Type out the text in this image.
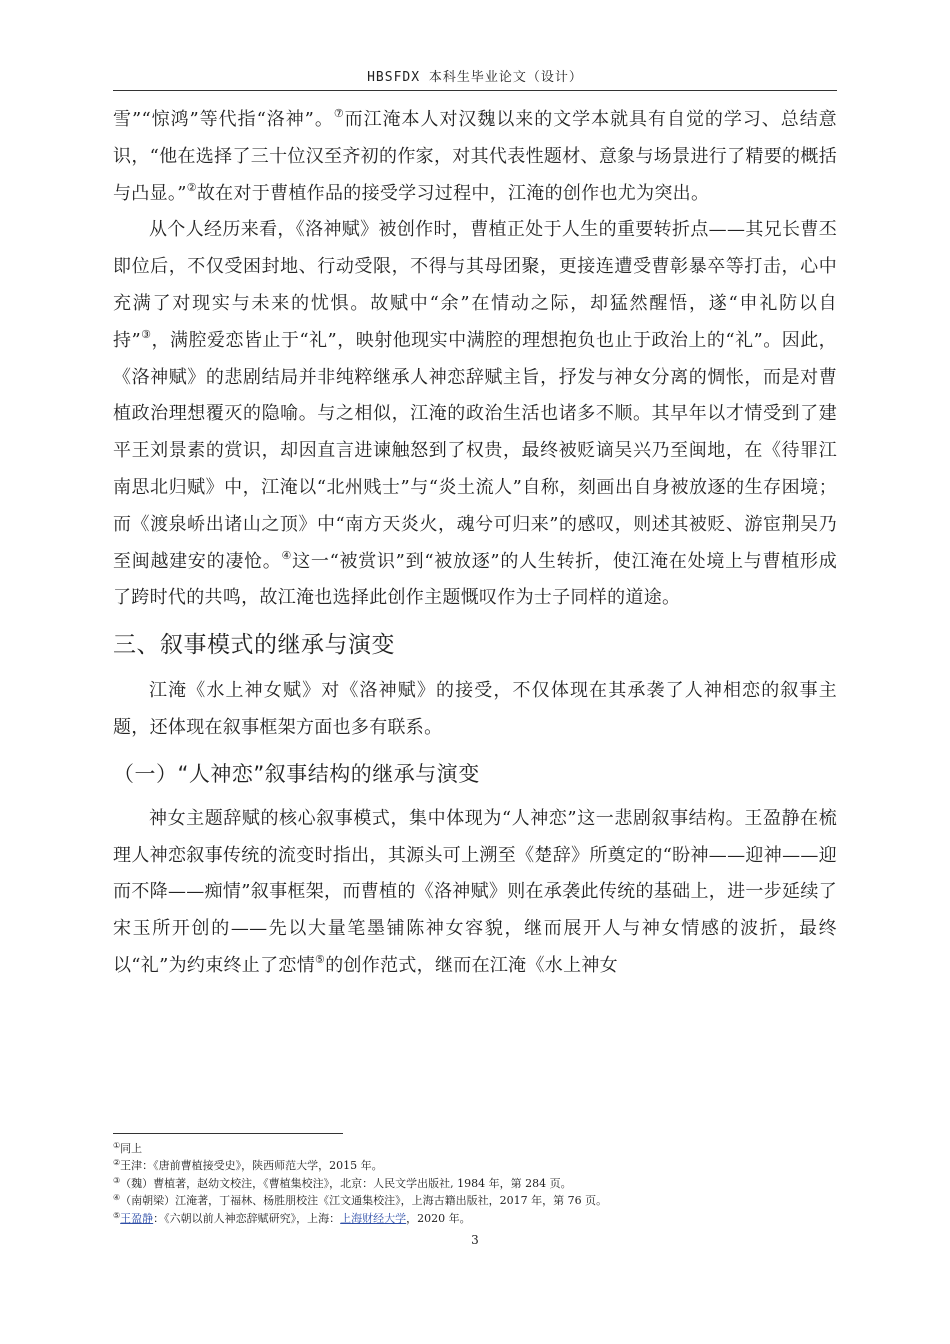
HBSFDX 本科生毕业论文（设计）

雪”“惊鸿”等代指“洛神”。⑦而江淹本人对汉魏以来的文学本就具有自觉的学习、总结意识，“他在选择了三十位汉至齐初的作家，对其代表性题材、意象与场景进行了精要的概括与凸显。”②故在对于曹植作品的接受学习过程中，江淹的创作也尤为突出。

从个人经历来看，《洛神赋》被创作时，曹植正处于人生的重要转折点——其兄长曹丕即位后，不仅受困封地、行动受限，不得与其母团聚，更接连遭受曹彰暴卒等打击，心中充满了对现实与未来的忧惧。故赋中“余”在情动之际，却猛然醒悟，遂“申礼防以自持”③，满腔爱恋皆止于“礼”，映射他现实中满腔的理想抱负也止于政治上的“礼”。因此，《洛神赋》的悲剧结局并非纯粹继承人神恋辞赋主旨，抒发与神女分离的惆怅，而是对曹植政治理想覆灭的隐喻。与之相似，江淹的政治生活也诸多不顺。其早年以才情受到了建平王刘景素的赏识，却因直言进谏触怒到了权贵，最终被贬谪吴兴乃至闽地，在《待罪江南思北归赋》中，江淹以“北州贱士”与“炎土流人”自称，刻画出自身被放逐的生存困境；而《渡泉峤出诸山之顶》中“南方天炎火，魂兮可归来”的感叹，则述其被贬、游宦荆吴乃至闽越建安的凄怆。④这一“被赏识”到“被放逐”的人生转折，使江淹在处境上与曹植形成了跨时代的共鸣，故江淹也选择此创作主题慨叹作为士子同样的道途。

三、叙事模式的继承与演变

江淹《水上神女赋》对《洛神赋》的接受，不仅体现在其承袭了人神相恋的叙事主题，还体现在叙事框架方面也多有联系。

（一）“人神恋”叙事结构的继承与演变

神女主题辞赋的核心叙事模式，集中体现为“人神恋”这一悲剧叙事结构。王盈静在梳理人神恋叙事传统的流变时指出，其源头可上溯至《楚辞》所奠定的“盼神——迎神——迎而不降——痴情”叙事框架，而曹植的《洛神赋》则在承袭此传统的基础上，进一步延续了宋玉所开创的——先以大量笔墨铺陈神女容貌，继而展开人与神女情感的波折，最终以“礼”为约束终止了恋情⑤的创作范式，继而在江淹《水上神女

①同上
②王津：《唐前曹植接受史》，陕西师范大学，2015 年。
③（魏）曹植著，赵幼文校注，《曹植集校注》，北京：人民文学出版社, 1984 年，第 284 页。
④（南朝梁）江淹著，丁福林、杨胜朋校注《江文通集校注》，上海古籍出版社，2017 年，第 76 页。
⑤王盈静：《六朝以前人神恋辞赋研究》，上海：上海财经大学，2020 年。
3
